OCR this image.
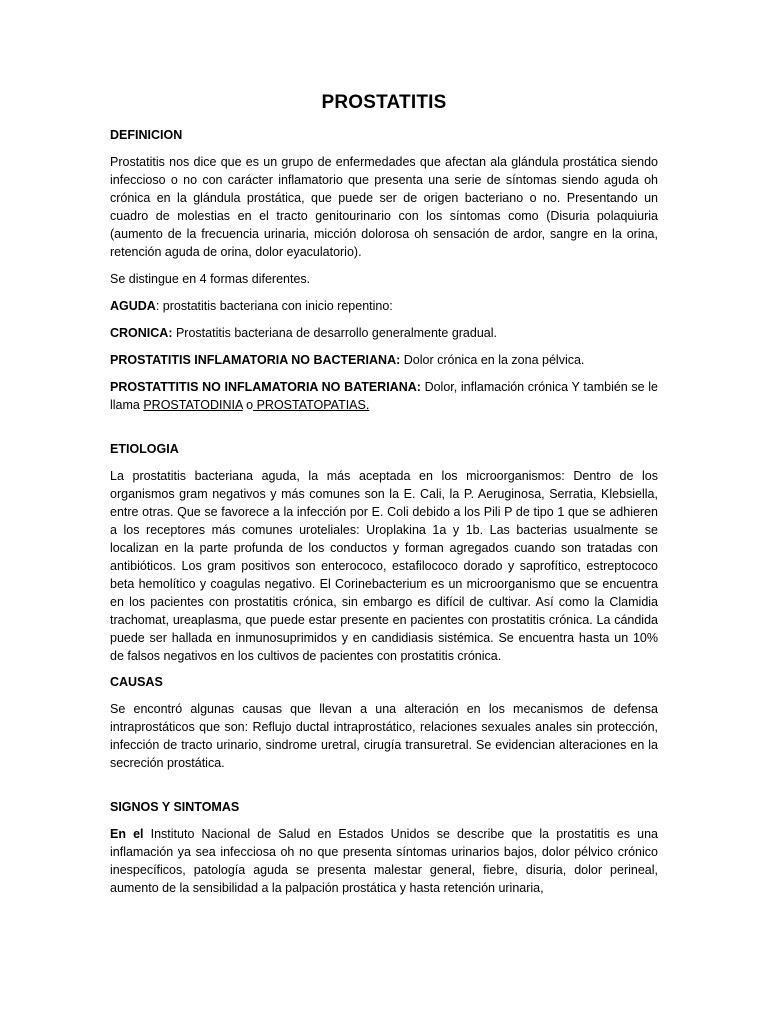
PROSTATITIS
DEFINICION

Prostatitis nos dice que es un grupo de enfermedades que afectan ala glándula prostática siendo infeccioso o no con carácter inflamatorio que presenta una serie de síntomas siendo aguda oh crónica en la glándula prostática, que puede ser de origen bacteriano o no. Presentando un cuadro de molestias en el tracto genitourinario con los síntomas como (Disuria polaquiuria (aumento de la frecuencia urinaria, micción dolorosa oh sensación de ardor, sangre en la orina, retención aguda de orina, dolor eyaculatorio).

Se distingue en 4 formas diferentes.

AGUDA: prostatitis bacteriana con inicio repentino:

CRONICA: Prostatitis bacteriana de desarrollo generalmente gradual.

PROSTATITIS INFLAMATORIA NO BACTERIANA: Dolor crónica en la zona pélvica.

PROSTATTITIS NO INFLAMATORIA NO BATERIANA: Dolor, inflamación crónica Y también se le llama PROSTATODINIA o PROSTATOPATIAS.

ETIOLOGIA

La prostatitis bacteriana aguda, la más aceptada en los microorganismos: Dentro de los organismos gram negativos y más comunes son la E. Cali, la P. Aeruginosa, Serratia, Klebsiella, entre otras. Que se favorece a la infección por E. Coli debido a los Pili P de tipo 1 que se adhieren a los receptores más comunes uroteliales: Uroplakina 1a y 1b. Las bacterias usualmente se localizan en la parte profunda de los conductos y forman agregados cuando son tratadas con antibióticos. Los gram positivos son enterococo, estafilococo dorado y saprofítico, estreptococo beta hemolítico y coagulas negativo. El Corinebacterium es un microorganismo que se encuentra en los pacientes con prostatitis crónica, sin embargo es difícil de cultivar. Así como la Clamidia trachomat, ureaplasma, que puede estar presente en pacientes con prostatitis crónica. La cándida puede ser hallada en inmunosuprimidos y en candidiasis sistémica. Se encuentra hasta un 10% de falsos negativos en los cultivos de pacientes con prostatitis crónica.

CAUSAS

Se encontró algunas causas que llevan a una alteración en los mecanismos de defensa intraprostáticos que son: Reflujo ductal intraprostático, relaciones sexuales anales sin protección, infección de tracto urinario, sindrome uretral, cirugía transuretral. Se evidencian alteraciones en la secreción prostática.

SIGNOS Y SINTOMAS

En el Instituto Nacional de Salud en Estados Unidos se describe que la prostatitis es una inflamación ya sea infecciosa oh no que presenta síntomas urinarios bajos, dolor pélvico crónico inespecíficos, patología aguda se presenta malestar general, fiebre, disuria, dolor perineal, aumento de la sensibilidad a la palpación prostática y hasta retención urinaria,
